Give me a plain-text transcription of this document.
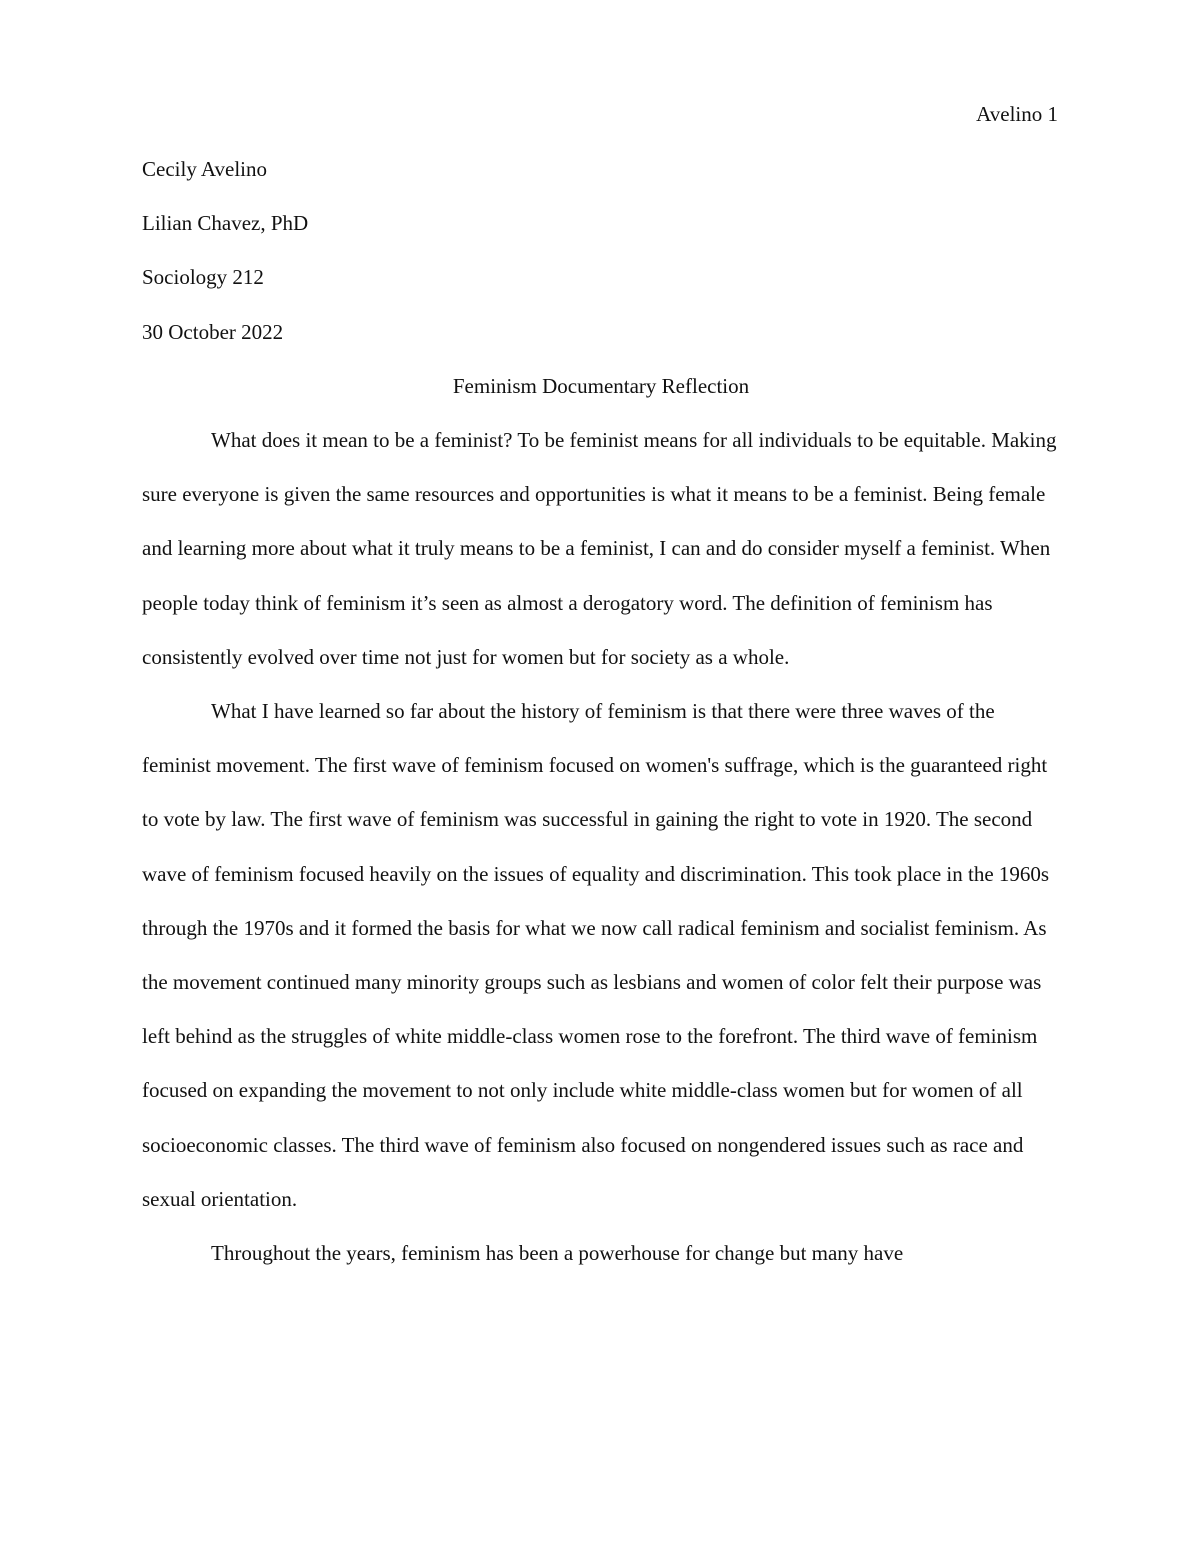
Avelino 1

Cecily Avelino

Lilian Chavez, PhD

Sociology 212

30 October 2022

Feminism Documentary Reflection

What does it mean to be a feminist? To be feminist means for all individuals to be equitable. Making sure everyone is given the same resources and opportunities is what it means to be a feminist. Being female and learning more about what it truly means to be a feminist, I can and do consider myself a feminist. When people today think of feminism it’s seen as almost a derogatory word. The definition of feminism has consistently evolved over time not just for women but for society as a whole.

What I have learned so far about the history of feminism is that there were three waves of the feminist movement. The first wave of feminism focused on women's suffrage, which is the guaranteed right to vote by law. The first wave of feminism was successful in gaining the right to vote in 1920. The second wave of feminism focused heavily on the issues of equality and discrimination. This took place in the 1960s through the 1970s and it formed the basis for what we now call radical feminism and socialist feminism. As the movement continued many minority groups such as lesbians and women of color felt their purpose was left behind as the struggles of white middle-class women rose to the forefront. The third wave of feminism focused on expanding the movement to not only include white middle-class women but for women of all socioeconomic classes. The third wave of feminism also focused on nongendered issues such as race and sexual orientation.

Throughout the years, feminism has been a powerhouse for change but many have
